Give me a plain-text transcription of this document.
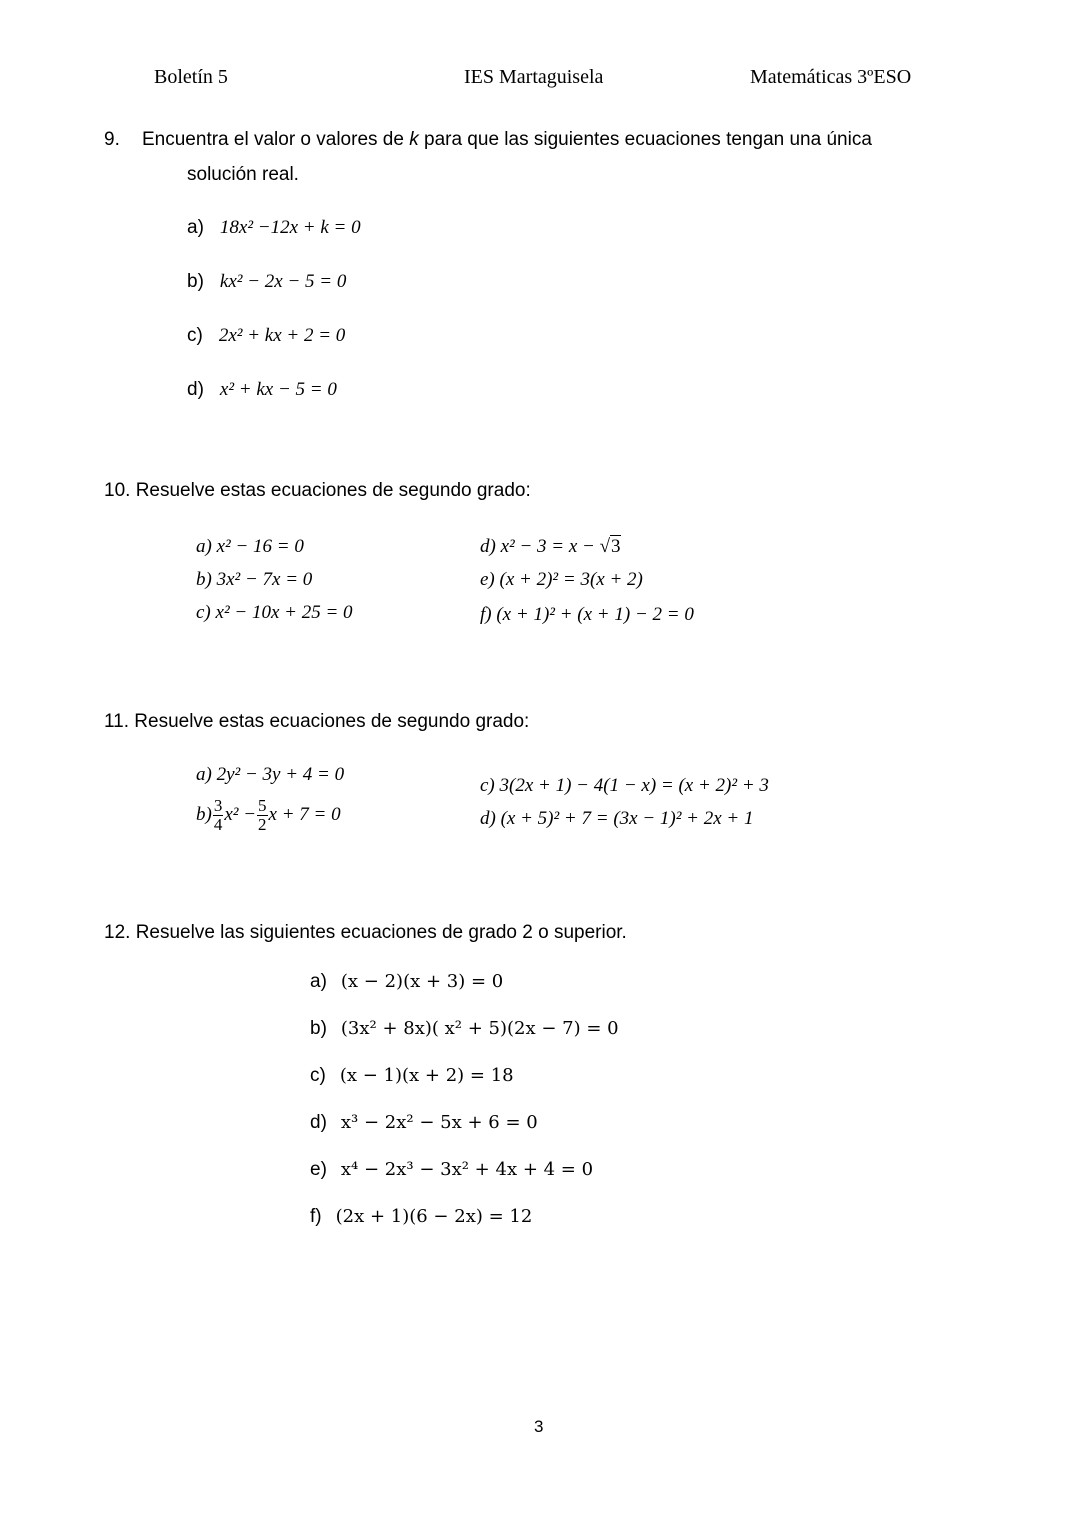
Boletín 5	IES Martaguisela	Matemáticas 3ºESO
9. Encuentra el valor o valores de k para que las siguientes ecuaciones tengan una única
solución real.
a) 18x² −12x + k = 0
b) kx² − 2x − 5 = 0
c) 2x² + kx + 2 = 0
d) x² + kx − 5 = 0
10. Resuelve estas ecuaciones de segundo grado:
a) x² − 16 = 0
b) 3x² − 7x = 0
c) x² − 10x + 25 = 0
d) x² − 3 = x − √3
e) (x + 2)² = 3(x + 2)
f) (x + 1)² + (x + 1) − 2 = 0
11. Resuelve estas ecuaciones de segundo grado:
a) 2y² − 3y + 4 = 0
$b) \frac{3}{4} x^2 - \frac{5}{2}$ x + 7 = 0
c) 3(2x + 1) − 4(1 − x) = (x + 2)² + 3
d) (x + 5)² + 7 = (3x − 1)² + 2x + 1
12. Resuelve las siguientes ecuaciones de grado 2 o superior.
a) (x − 2)(x + 3) = 0
b) (3x² + 8x)( x² + 5)(2x − 7) = 0
c) (x − 1)(x + 2) = 18
d) x³ − 2x² − 5x + 6 = 0
e) x⁴ − 2x³ − 3x² + 4x + 4 = 0
f) (2x + 1)(6 − 2x) = 12
3
